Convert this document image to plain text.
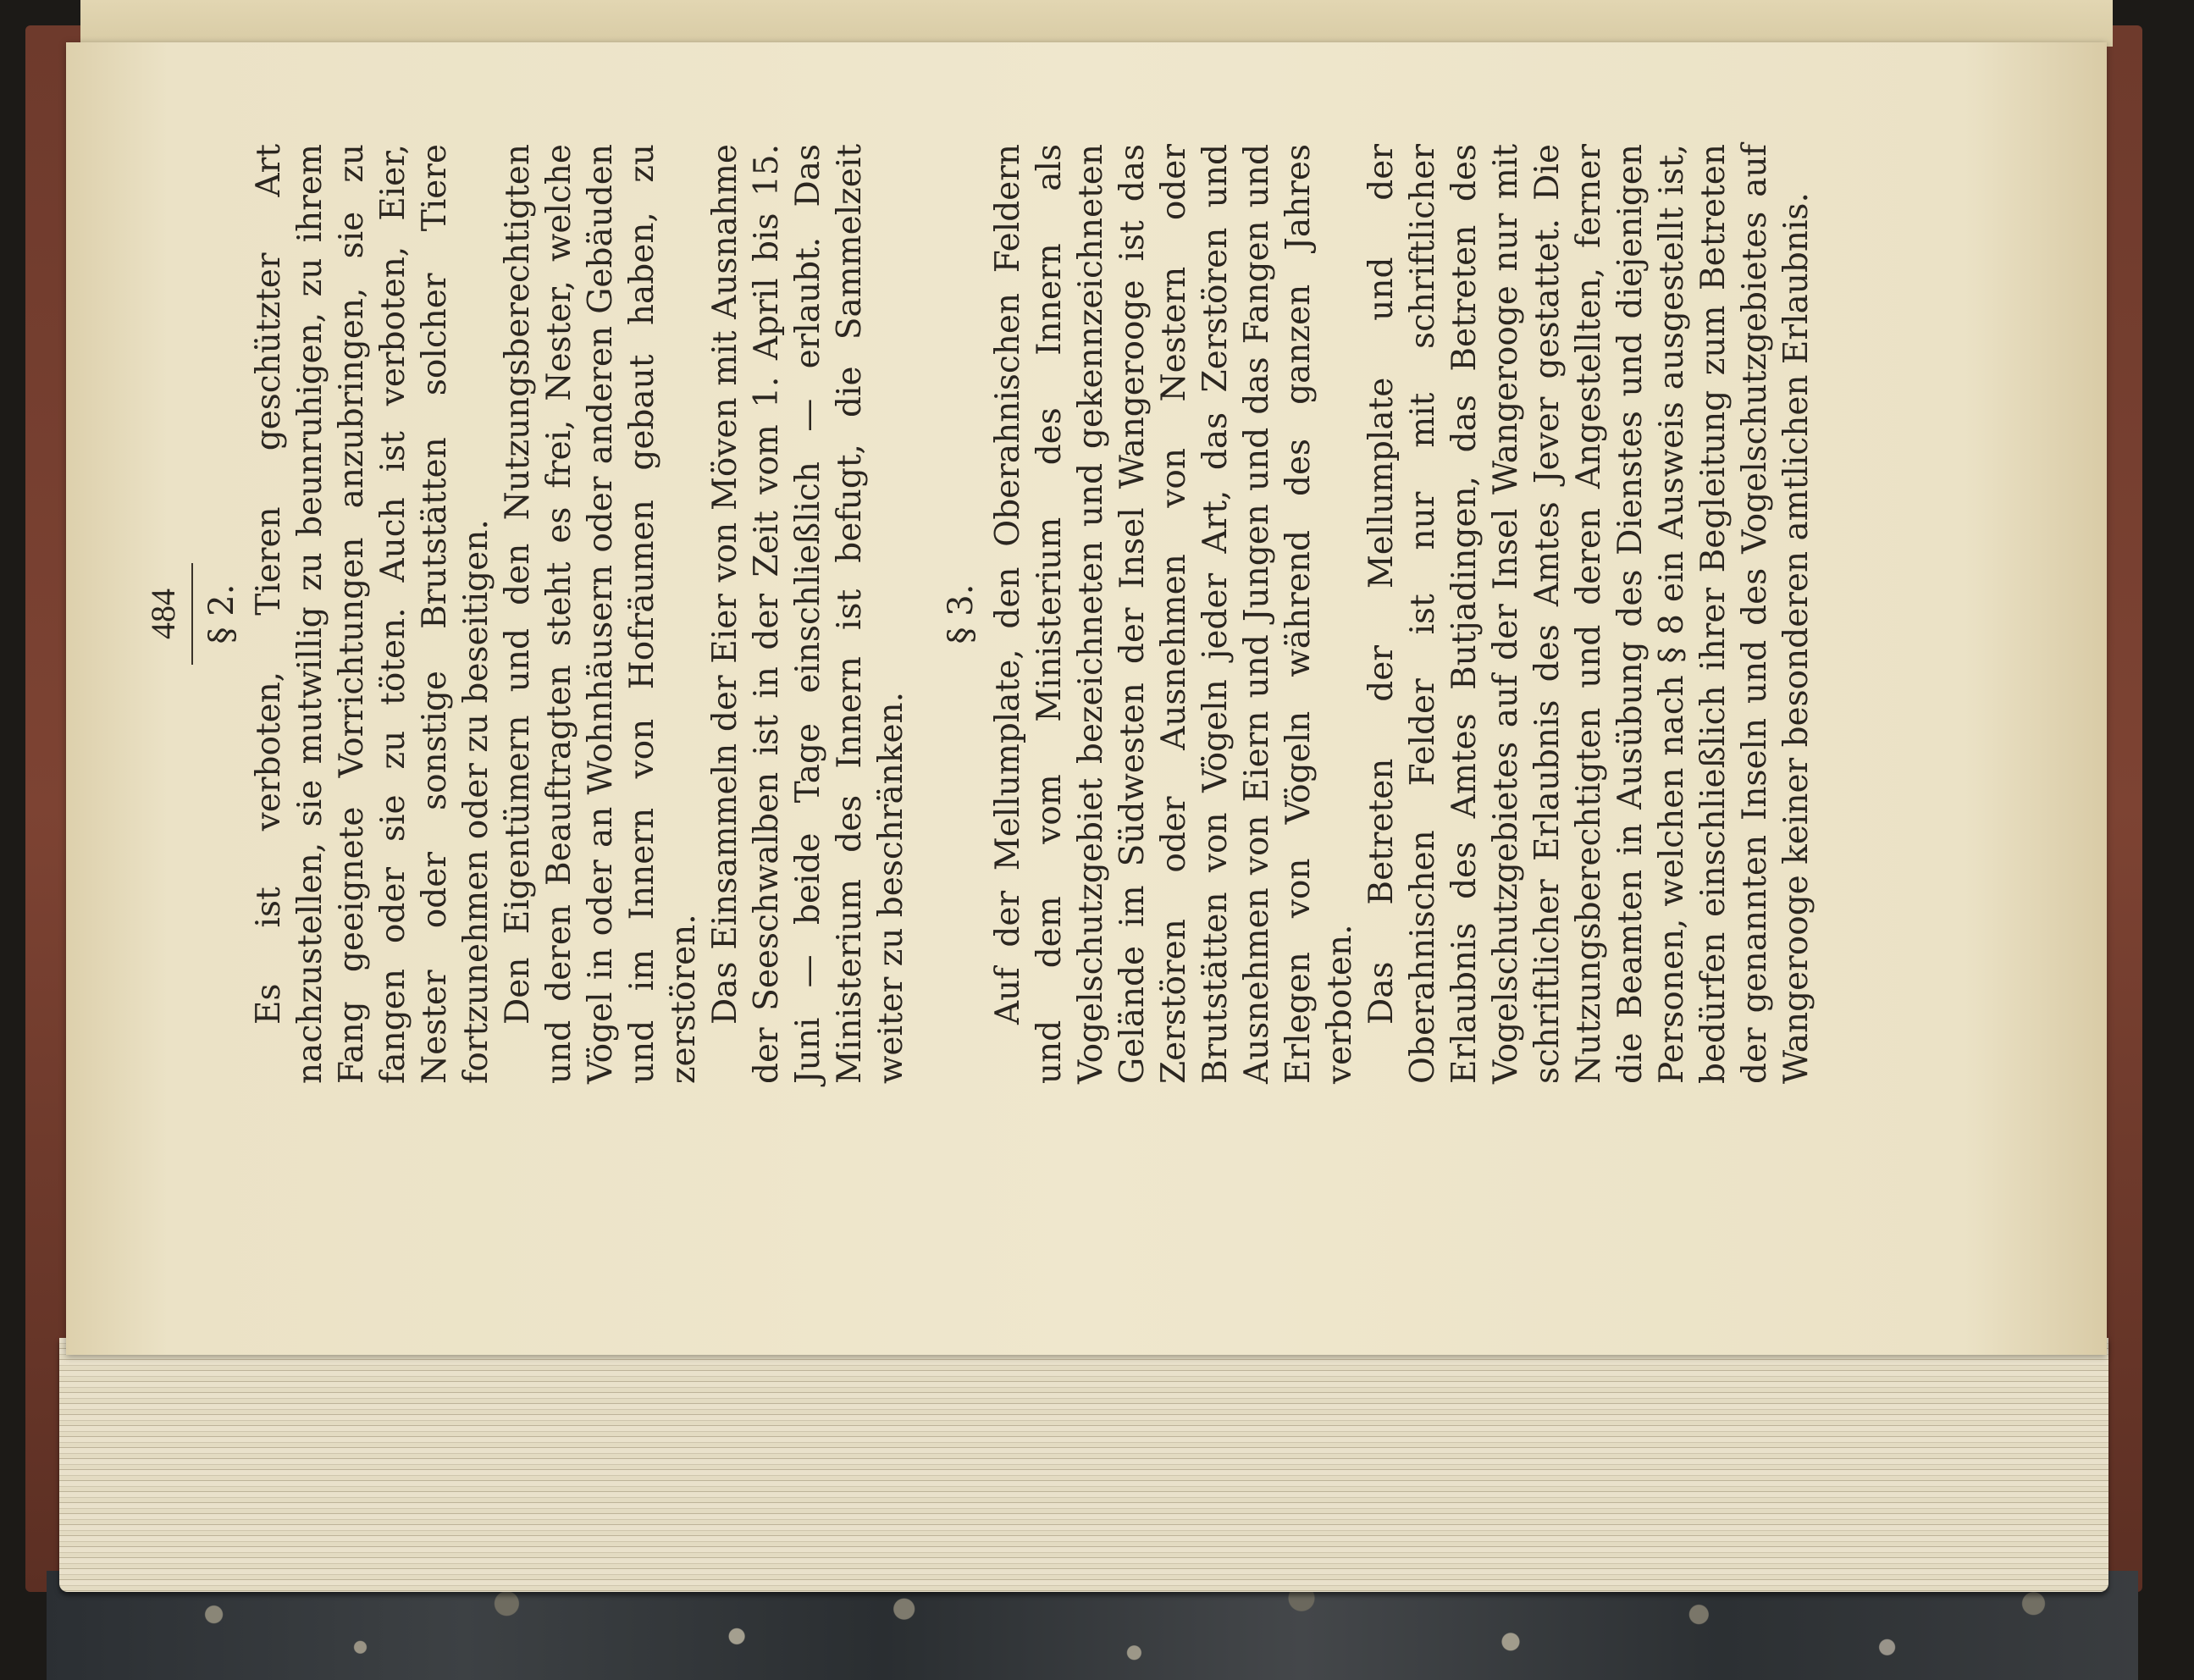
484 § 2. Es ist verboten, Tieren geschützter Art nachzustellen, sie mutwillig zu beunruhigen, zu ihrem Fang geeignete Vorrichtungen anzubringen, sie zu fangen oder sie zu töten. Auch ist verboten, Eier, Nester oder sonstige Brutstätten solcher Tiere fortzunehmen oder zu beseitigen. Den Eigentümern und den Nutzungsberechtigten und deren Beauftragten steht es frei, Nester, welche Vögel in oder an Wohnhäusern oder anderen Gebäuden und im Innern von Hofräumen gebaut haben, zu zerstören. Das Einsammeln der Eier von Möven mit Ausnahme der Seeschwalben ist in der Zeit vom 1. April bis 15. Juni — beide Tage einschließlich — erlaubt. Das Ministerium des Innern ist befugt, die Sammelzeit weiter zu beschränken.

§ 3. Auf der Mellumplate, den Oberahnischen Feldern und dem vom Ministerium des Innern als Vogelschutzgebiet bezeichneten und gekennzeichneten Gelände im Südwesten der Insel Wangerooge ist das Zerstören oder Ausnehmen von Nestern oder Brutstätten von Vögeln jeder Art, das Zerstören und Ausnehmen von Eiern und Jungen und das Fangen und Erlegen von Vögeln während des ganzen Jahres verboten. Das Betreten der Mellumplate und der Oberahnischen Felder ist nur mit schriftlicher Erlaubnis des Amtes Butjadingen, das Betreten des Vogelschutzgebietes auf der Insel Wangerooge nur mit schriftlicher Erlaubnis des Amtes Jever gestattet. Die Nutzungsberechtigten und deren Angestellten, ferner die Beamten in Ausübung des Dienstes und diejenigen Personen, welchen nach § 8 ein Ausweis ausgestellt ist, bedürfen einschließlich ihrer Begleitung zum Betreten der genannten Inseln und des Vogelschutzgebietes auf Wangerooge keiner besonderen amtlichen Erlaubnis.
